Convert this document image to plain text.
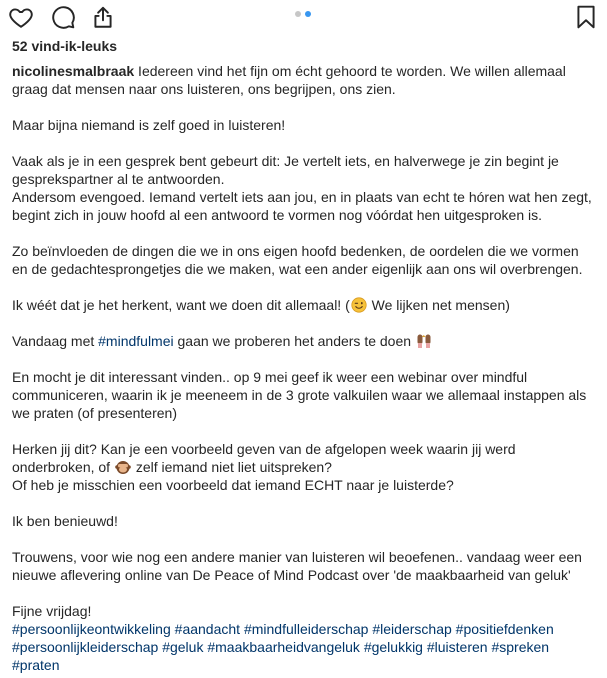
52 vind-ik-leuks

nicolinesmalbraak Iedereen vind het fijn om écht gehoord te worden. We willen allemaal graag dat mensen naar ons luisteren, ons begrijpen, ons zien.

Maar bijna niemand is zelf goed in luisteren!

Vaak als je in een gesprek bent gebeurt dit: Je vertelt iets, en halverwege je zin begint je gesprekspartner al te antwoorden.
Andersom evengoed. Iemand vertelt iets aan jou, en in plaats van echt te hóren wat hen zegt, begint zich in jouw hoofd al een antwoord te vormen nog vóórdat hen uitgesproken is.

Zo beïnvloeden de dingen die we in ons eigen hoofd bedenken, de oordelen die we vormen en de gedachtesprongetjes die we maken, wat een ander eigenlijk aan ons wil overbrengen.

Ik wéét dat je het herkent, want we doen dit allemaal! (
We lijken net mensen)

Vandaag met #mindfulmei gaan we proberen het anders te doen

En mocht je dit interessant vinden.. op 9 mei geef ik weer een webinar over mindful communiceren, waarin ik je meeneem in de 3 grote valkuilen waar we allemaal instappen als we praten (of presenteren)

Herken jij dit? Kan je een voorbeeld geven van de afgelopen week waarin jij werd onderbroken, of
zelf iemand niet liet uitspreken?
Of heb je misschien een voorbeeld dat iemand ECHT naar je luisterde?

Ik ben benieuwd!

Trouwens, voor wie nog een andere manier van luisteren wil beoefenen.. vandaag weer een nieuwe aflevering online van De Peace of Mind Podcast over 'de maakbaarheid van geluk'

Fijne vrijdag!
#persoonlijkeontwikkeling #aandacht #mindfulleiderschap #leiderschap #positiefdenken
#persoonlijkleiderschap #geluk #maakbaarheidvangeluk #gelukkig #luisteren #spreken
#praten
